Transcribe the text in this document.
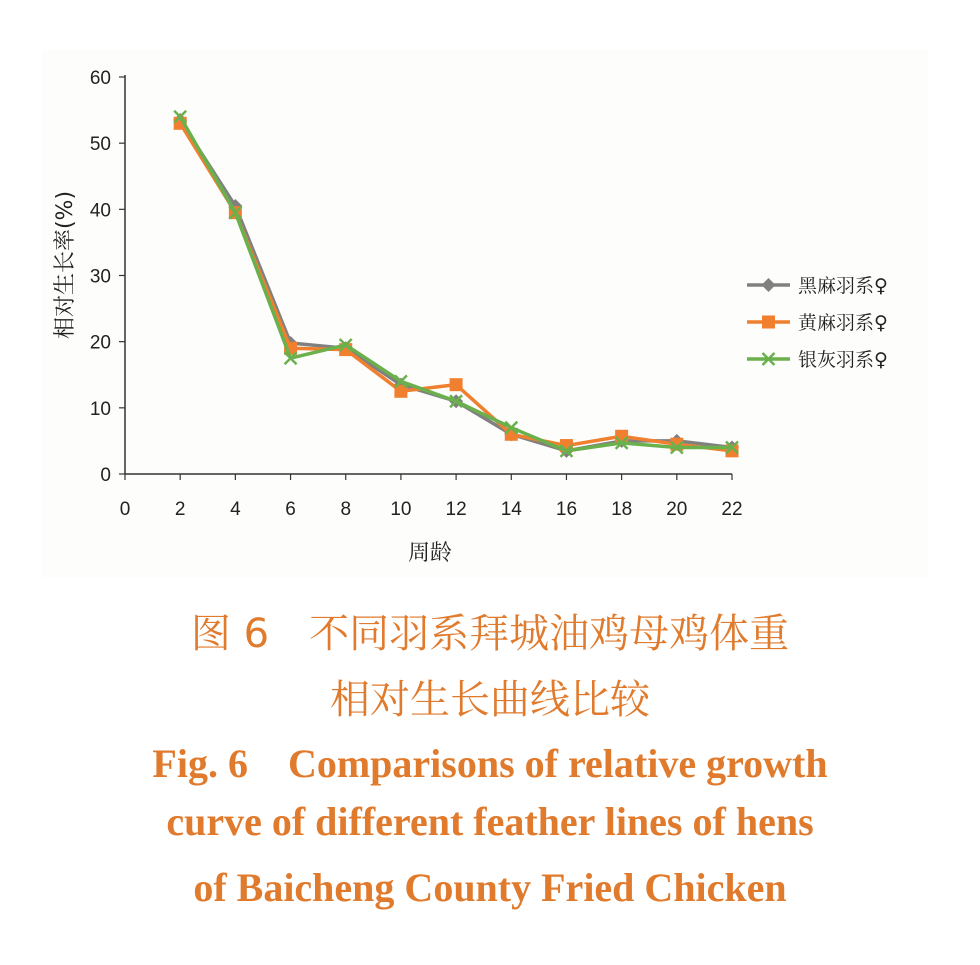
0
10
20
30
40
50
60
0 2 4 6 8 10 12 14 16 18 20 22
黑麻羽系♀
黄麻羽系♀
银灰羽系♀
相对生长率(%)
周龄

图 6　不同羽系拜城油鸡母鸡体重

相对生长曲线比较

Fig. 6　Comparisons of relative growth

curve of different feather lines of hens

of Baicheng County Fried Chicken
